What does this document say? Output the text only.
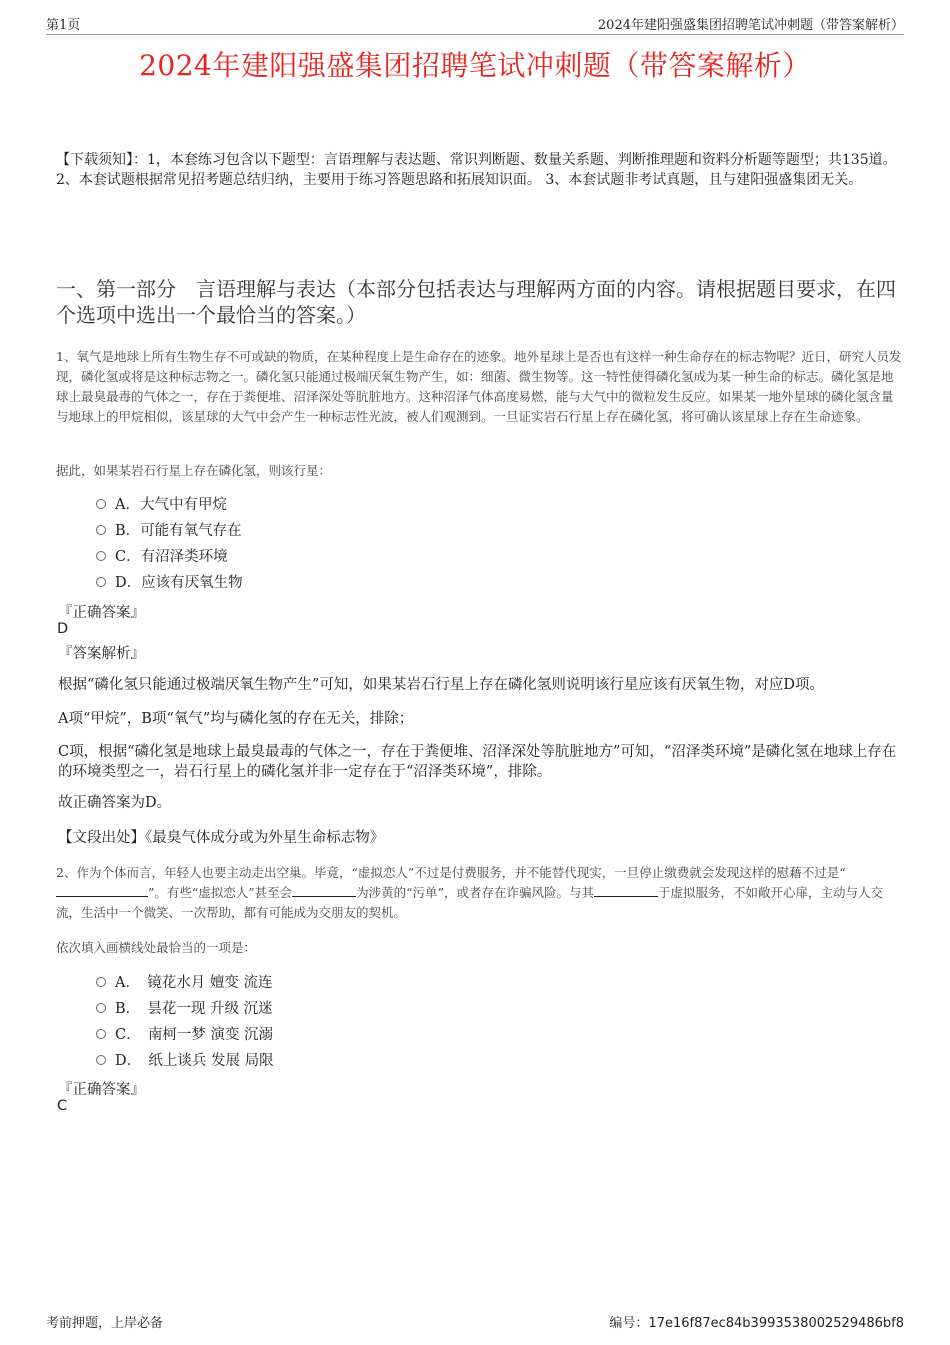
第1页	2024年建阳强盛集团招聘笔试冲刺题（带答案解析）
2024年建阳强盛集团招聘笔试冲刺题（带答案解析）
【下载须知】：1，本套练习包含以下题型：言语理解与表达题、常识判断题、数量关系题、判断推理题和资料分析题等题型；共135道。 2、本套试题根据常见招考题总结归纳，主要用于练习答题思路和拓展知识面。 3、本套试题非考试真题，且与建阳强盛集团无关。
一、第一部分　言语理解与表达（本部分包括表达与理解两方面的内容。请根据题目要求，在四个选项中选出一个最恰当的答案。）
1、氧气是地球上所有生物生存不可或缺的物质，在某种程度上是生命存在的迹象。地外星球上是否也有这样一种生命存在的标志物呢？近日，研究人员发现，磷化氢或将是这种标志物之一。磷化氢只能通过极端厌氧生物产生，如：细菌、微生物等。这一特性使得磷化氢成为某一种生命的标志。磷化氢是地球上最臭最毒的气体之一，存在于粪便堆、沼泽深处等肮脏地方。这种沼泽气体高度易燃，能与大气中的微粒发生反应。如果某一地外星球的磷化氢含量与地球上的甲烷相似，该星球的大气中会产生一种标志性光波，被人们观测到。一旦证实岩石行星上存在磷化氢，将可确认该星球上存在生命迹象。
据此，如果某岩石行星上存在磷化氢，则该行星：
A．大气中有甲烷
B．可能有氧气存在
C．有沼泽类环境
D．应该有厌氧生物
『正确答案』
D
『答案解析』
根据“磷化氢只能通过极端厌氧生物产生”可知，如果某岩石行星上存在磷化氢则说明该行星应该有厌氧生物，对应D项。
A项“甲烷”，B项“氧气”均与磷化氢的存在无关，排除；
C项，根据“磷化氢是地球上最臭最毒的气体之一，存在于粪便堆、沼泽深处等肮脏地方”可知，“沼泽类环境”是磷化氢在地球上存在的环境类型之一，岩石行星上的磷化氢并非一定存在于“沼泽类环境”，排除。
故正确答案为D。
【文段出处】《最臭气体成分或为外星生命标志物》
2、作为个体而言，年轻人也要主动走出空巢。毕竟，“虚拟恋人”不过是付费服务，并不能替代现实，一旦停止缴费就会发现这样的慰藉不过是“”。有些“虚拟恋人”甚至会	为涉黄的“污单”，或者存在诈骗风险。与其	于虚拟服务，不如敞开心扉，主动与人交流，生活中一个微笑、一次帮助，都有可能成为交朋友的契机。
依次填入画横线处最恰当的一项是：
A．　镜花水月 嬗变 流连
B．　昙花一现 升级 沉迷
C．　南柯一梦 演变 沉溺
D．　纸上谈兵 发展 局限
『正确答案』
C
考前押题，上岸必备	编号：17e16f87ec84b3993538002529486bf8
